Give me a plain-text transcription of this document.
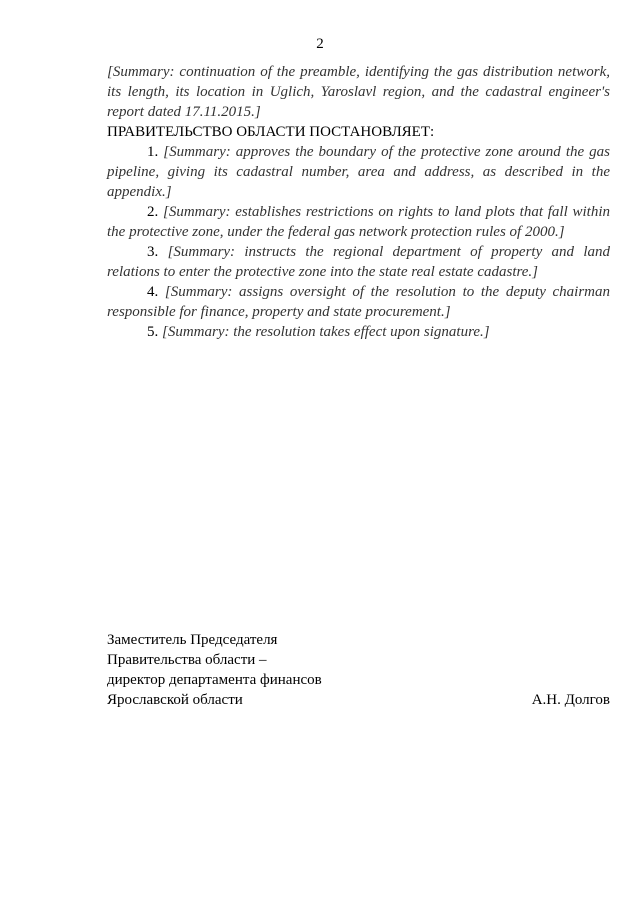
2

[Summary: continuation of the preamble, identifying the gas distribution network, its length, its location in Uglich, Yaroslavl region, and the cadastral engineer's report dated 17.11.2015.]

ПРАВИТЕЛЬСТВО ОБЛАСТИ ПОСТАНОВЛЯЕТ:

1. [Summary: approves the boundary of the protective zone around the gas pipeline, giving its cadastral number, area and address, as described in the appendix.]

2. [Summary: establishes restrictions on rights to land plots that fall within the protective zone, under the federal gas network protection rules of 2000.]

3. [Summary: instructs the regional department of property and land relations to enter the protective zone into the state real estate cadastre.]

4. [Summary: assigns oversight of the resolution to the deputy chairman responsible for finance, property and state procurement.]

5. [Summary: the resolution takes effect upon signature.]

Заместитель Председателя
Правительства области –
директор департамента финансов
Ярославской области	А.Н. Долгов
